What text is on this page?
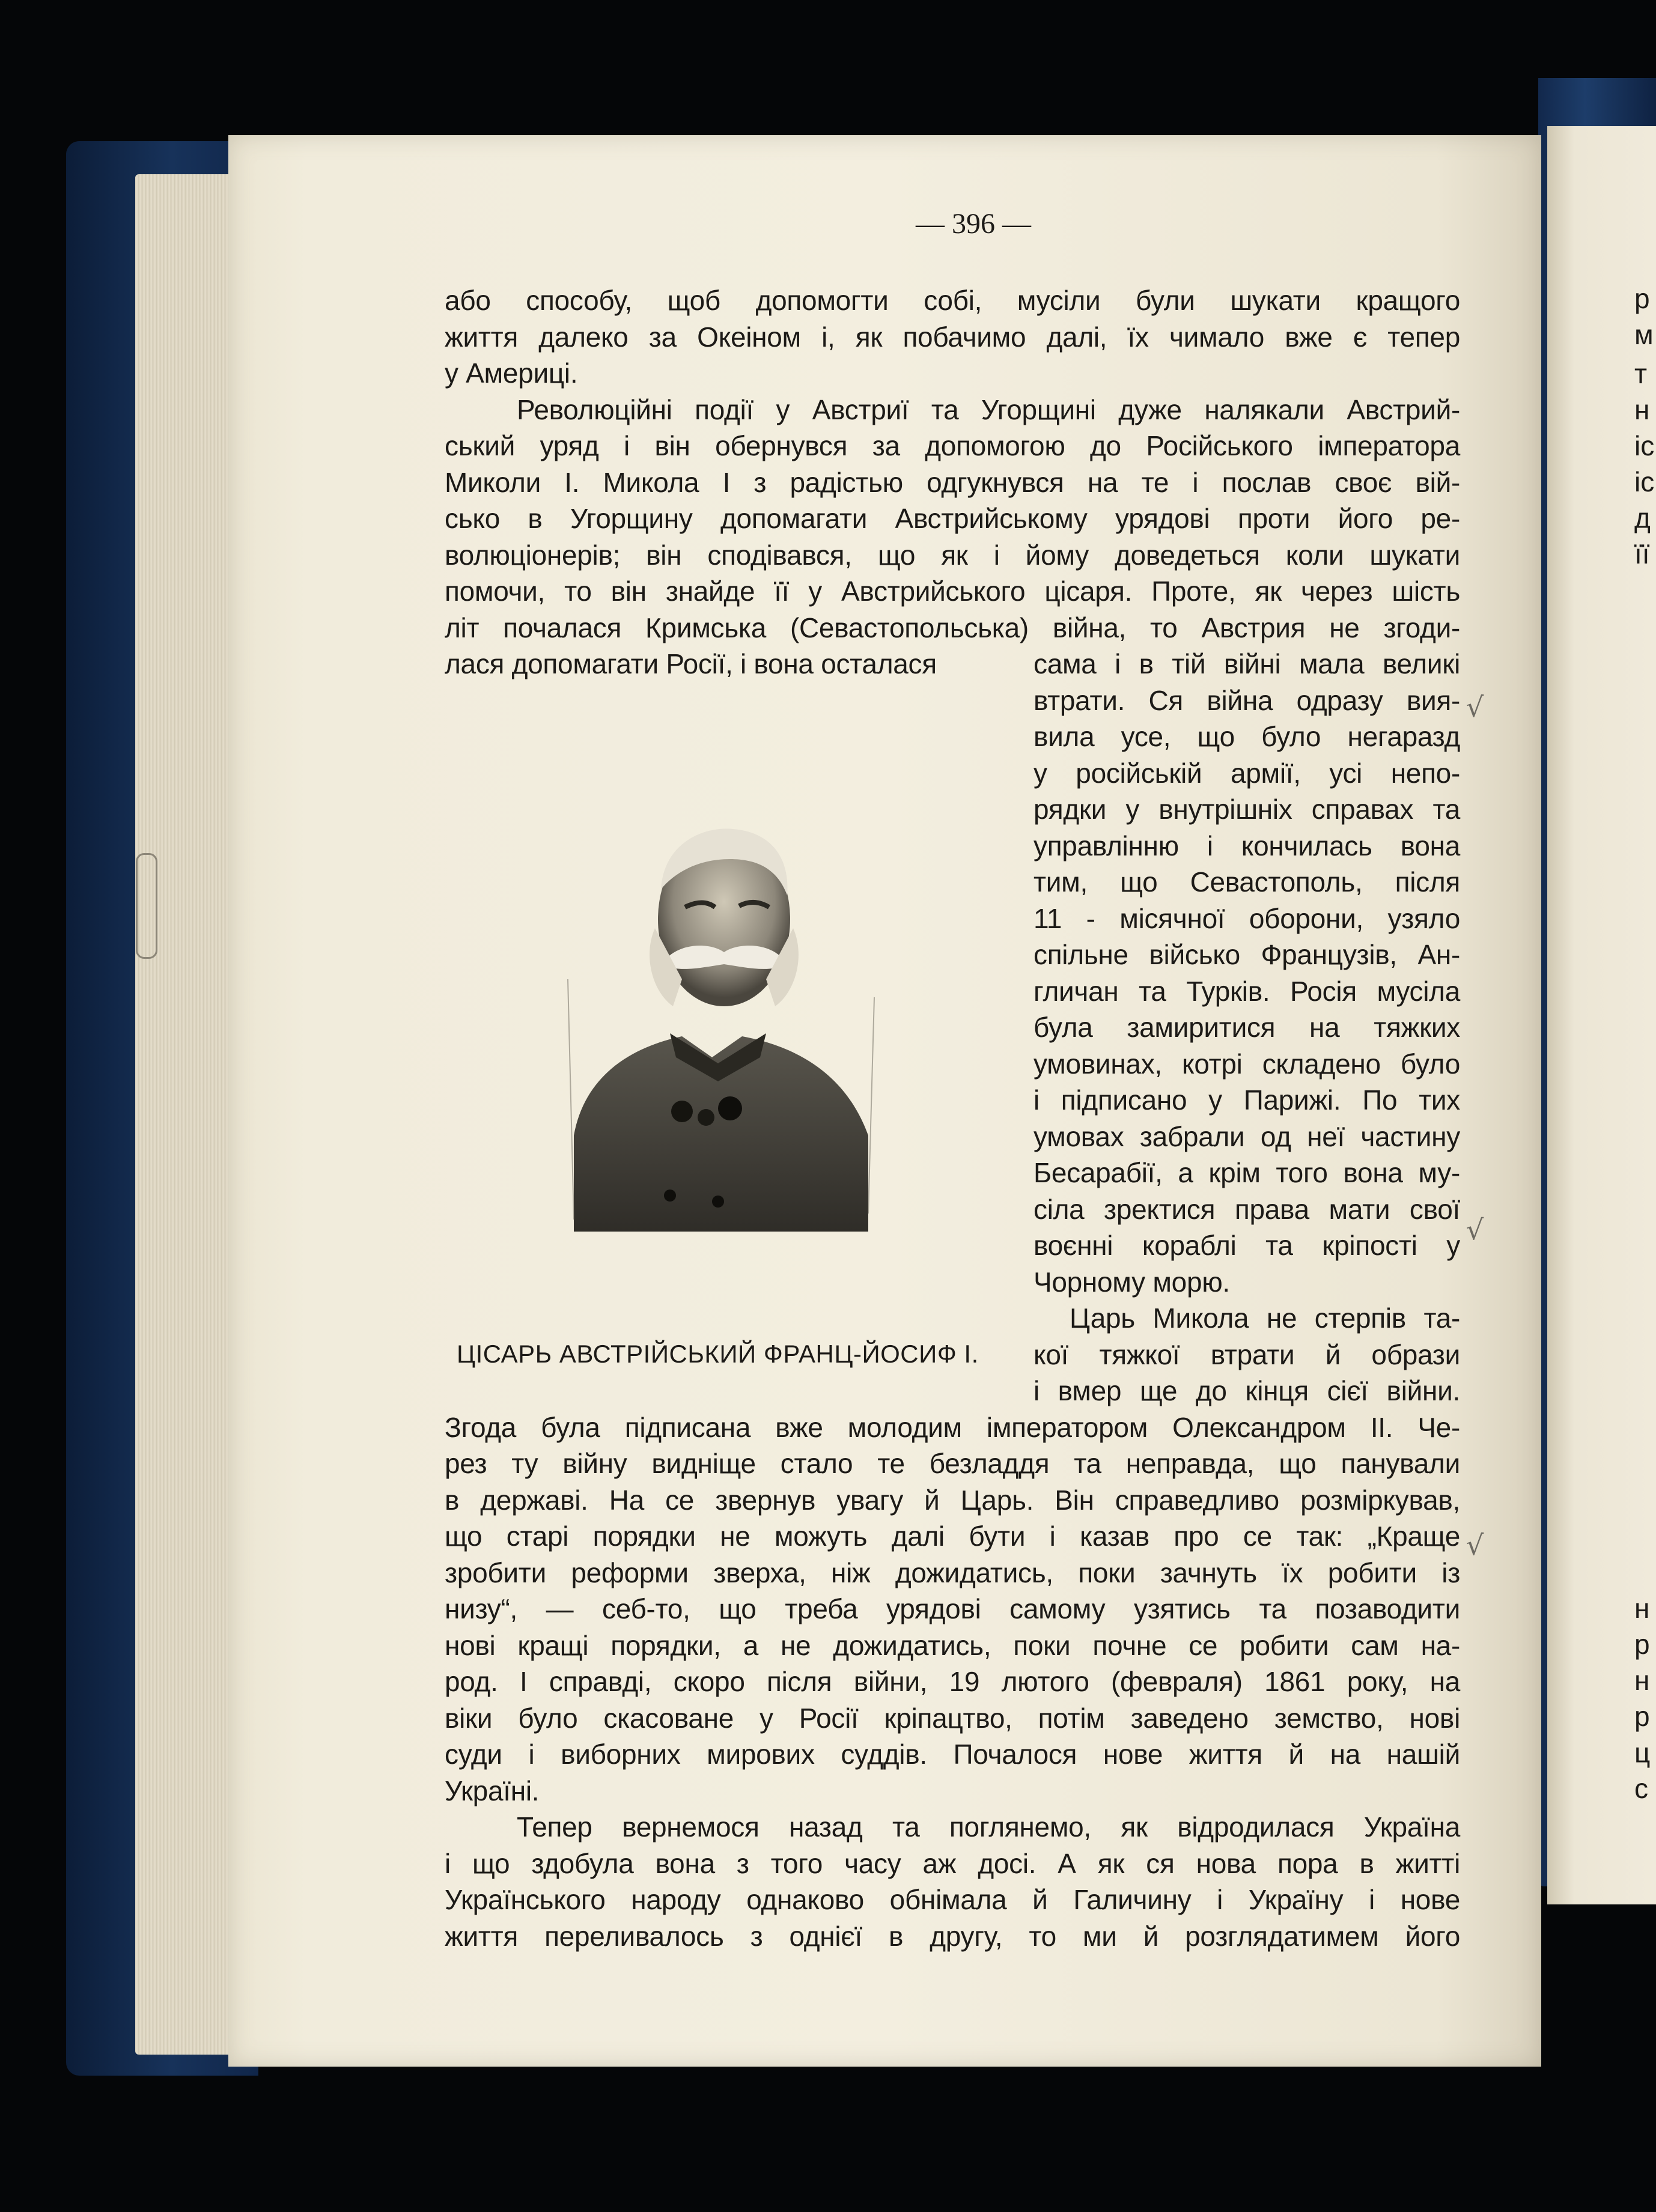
р
м
т
н
іс
іс
д
її
н
р
н
р
ц
с
— 396 —
або способу, щоб допомогти собі, мусіли були шукати кращого
життя далеко за Океіном і, як побачимо далі, їх чимало вже є тепер
у Америці.
Революційні події у Австриї та Угорщині дуже налякали Австрий-
ський уряд і він обернувся за допомогою до Російського імператора
Миколи І. Микола І з радістью одгукнувся на те і послав своє вій-
сько в Угорщину допомагати Австрийському урядові проти його ре-
волюціонерів; він сподівався, що як і йому доведеться коли шукати
помочи, то він знайде її у Австрийського цісаря. Проте, як через шість
літ почалася Кримська (Севастопольська) війна, то Австрия не згоди-
лася допомагати Росії, і вона осталася	сама і в тій війні мала великі
втрати. Ся війна одразу вия-
вила усе, що було негаразд
у російській армії, усі непо-
рядки у внутрішніх справах та
управлінню і кончилась вона
тим, що Севастополь, після
11 - місячної оборони, узяло
спільне військо Французів, Ан-
гличан та Турків. Росія мусіла
була замиритися на тяжких
умовинах, котрі складено було
і підписано у Парижі. По тих
умовах забрали од неї частину
Бесарабії, а крім того вона му-
сіла зректися права мати свої
воєнні кораблі та кріпості у
Чорному морю.
Царь Микола не стерпів та-
кої тяжкої втрати й образи
і вмер ще до кінця сієї війни.
Згода була підписана вже молодим імператором Олександром II. Че-
рез ту війну видніще стало те безладдя та неправда, що панували
в державі. На се звернув увагу й Царь. Він справедливо розміркував,
що старі порядки не можуть далі бути і казав про се так: „Краще
зробити реформи зверха, ніж дожидатись, поки зачнуть їх робити із
низу“, — себ-то, що треба урядові самому узятись та позаводити
нові кращі порядки, а не дожидатись, поки почне се робити сам на-
род. І справді, скоро після війни, 19 лютого (февраля) 1861 року, на
віки було скасоване у Росії кріпацтво, потім заведено земство, нові
суди і виборних мирових суддів. Почалося нове життя й на нашій
Україні.
Тепер вернемося назад та поглянемо, як відродилася Україна
і що здобула вона з того часу аж досі. А як ся нова пора в житті
Українського народу однаково обнімала й Галичину і Україну і нове
життя переливалось з однієї в другу, то ми й розглядатимем його
ЦІСАРЬ АВСТРІЙСЬКИЙ ФРАНЦ-ЙОСИФ І.
√
√
√
